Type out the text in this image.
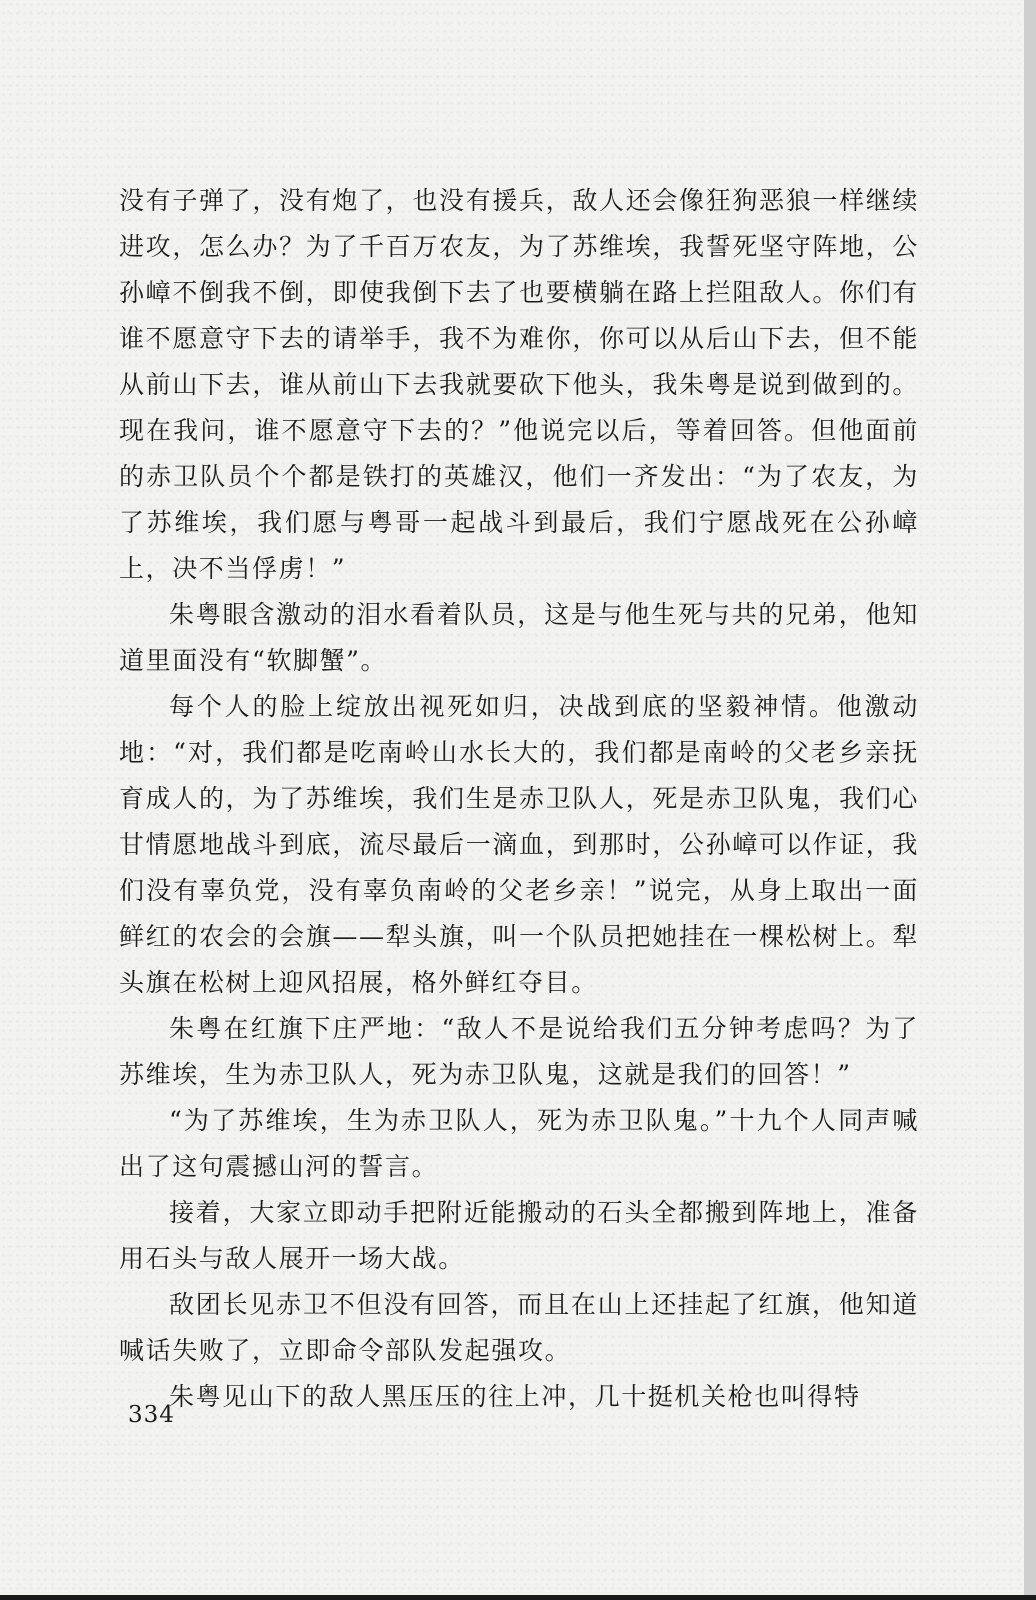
没有子弹了，没有炮了，也没有援兵，敌人还会像狂狗恶狼一样继续进攻，怎么办？为了千百万农友，为了苏维埃，我誓死坚守阵地，公孙嶂不倒我不倒，即使我倒下去了也要横躺在路上拦阻敌人。你们有谁不愿意守下去的请举手，我不为难你，你可以从后山下去，但不能从前山下去，谁从前山下去我就要砍下他头，我朱粤是说到做到的。现在我问，谁不愿意守下去的？”他说完以后，等着回答。但他面前的赤卫队员个个都是铁打的英雄汉，他们一齐发出：“为了农友，为了苏维埃，我们愿与粤哥一起战斗到最后，我们宁愿战死在公孙嶂上，决不当俘虏！”

朱粤眼含激动的泪水看着队员，这是与他生死与共的兄弟，他知道里面没有“软脚蟹”。

每个人的脸上绽放出视死如归，决战到底的坚毅神情。他激动地：“对，我们都是吃南岭山水长大的，我们都是南岭的父老乡亲抚育成人的，为了苏维埃，我们生是赤卫队人，死是赤卫队鬼，我们心甘情愿地战斗到底，流尽最后一滴血，到那时，公孙嶂可以作证，我们没有辜负党，没有辜负南岭的父老乡亲！”说完，从身上取出一面鲜红的农会的会旗——犁头旗，叫一个队员把她挂在一棵松树上。犁头旗在松树上迎风招展，格外鲜红夺目。

朱粤在红旗下庄严地：“敌人不是说给我们五分钟考虑吗？为了苏维埃，生为赤卫队人，死为赤卫队鬼，这就是我们的回答！”

“为了苏维埃，生为赤卫队人，死为赤卫队鬼。”十九个人同声喊出了这句震撼山河的誓言。

接着，大家立即动手把附近能搬动的石头全都搬到阵地上，准备用石头与敌人展开一场大战。

敌团长见赤卫不但没有回答，而且在山上还挂起了红旗，他知道喊话失败了，立即命令部队发起强攻。

朱粤见山下的敌人黑压压的往上冲，几十挺机关枪也叫得特

334
